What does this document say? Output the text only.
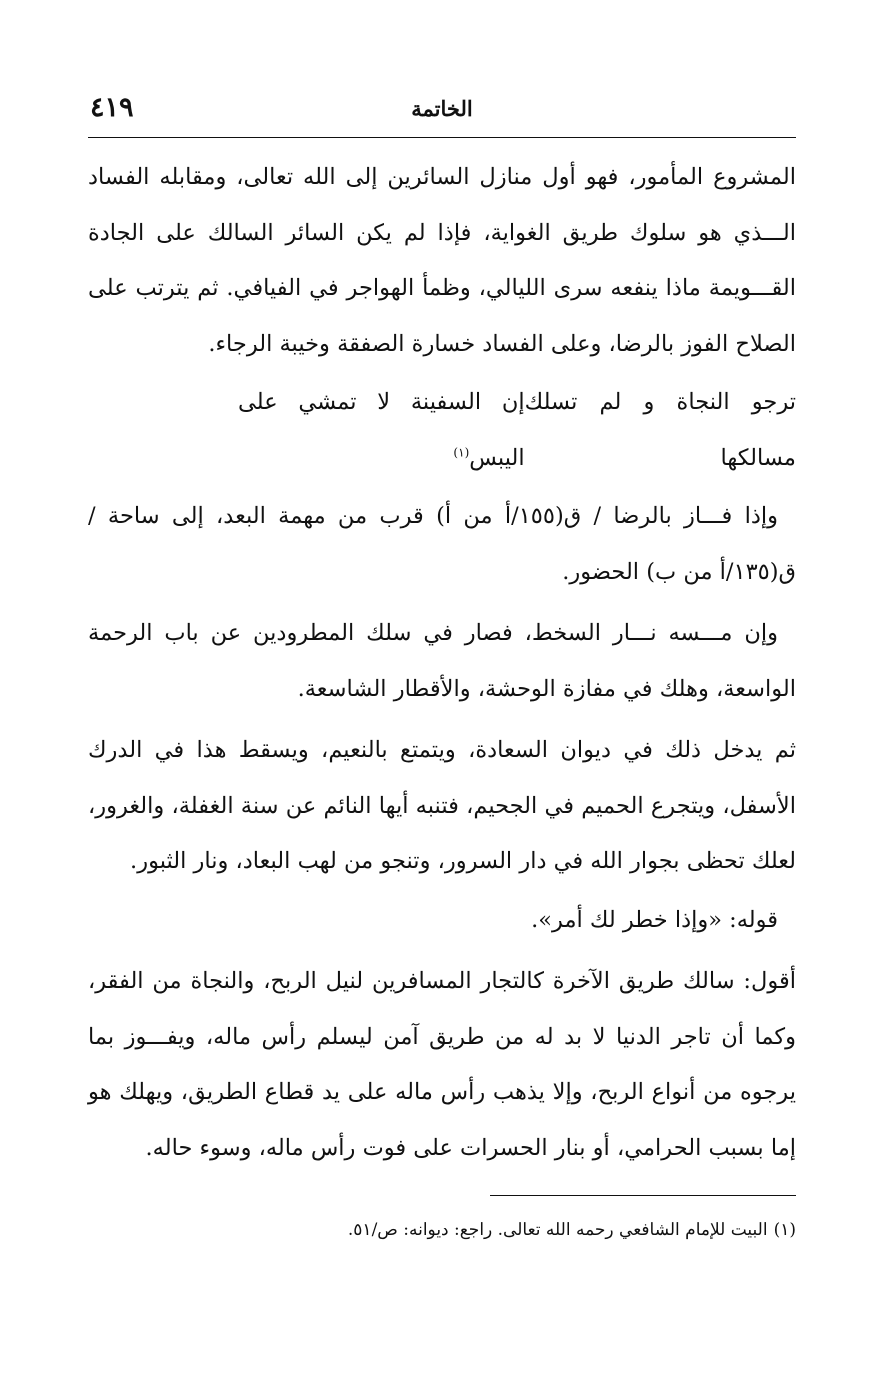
٤١٩	الخاتمة

المشروع المأمور، فهو أول منازل السائرين إلى الله تعالى، ومقابله الفساد الـــذي هو سلوك طريق الغواية، فإذا لم يكن السائر السالك على الجادة القـــويمة ماذا ينفعه سرى الليالي، وظمأ الهواجر في الفيافي. ثم يترتب على الصلاح الفوز بالرضا، وعلى الفساد خسارة الصفقة وخيبة الرجاء.

ترجو النجاة و لم تسلك مسالكها
إن السفينة لا تمشي على اليبس$^{(١)}$

وإذا فـــاز بالرضا / ق(١٥٥/أ من أ) قرب من مهمة البعد، إلى ساحة / ق(١٣٥/أ من ب) الحضور.

وإن مـــسه نـــار السخط، فصار في سلك المطرودين عن باب الرحمة الواسعة، وهلك في مفازة الوحشة، والأقطار الشاسعة.

ثم يدخل ذلك في ديوان السعادة، ويتمتع بالنعيم، ويسقط هذا في الدرك الأسفل، ويتجرع الحميم في الجحيم، فتنبه أيها النائم عن سنة الغفلة، والغرور، لعلك تحظى بجوار الله في دار السرور، وتنجو من لهب البعاد، ونار الثبور.

قوله: «وإذا خطر لك أمر».

أقول: سالك طريق الآخرة كالتجار المسافرين لنيل الربح، والنجاة من الفقر، وكما أن تاجر الدنيا لا بد له من طريق آمن ليسلم رأس ماله، ويفـــوز بما يرجوه من أنواع الربح، وإلا يذهب رأس ماله على يد قطاع الطريق، ويهلك هو إما بسبب الحرامي، أو بنار الحسرات على فوت رأس ماله، وسوء حاله.

(١)البيت للإمام الشافعي رحمه الله تعالى. راجع: ديوانه: ص/٥١.
